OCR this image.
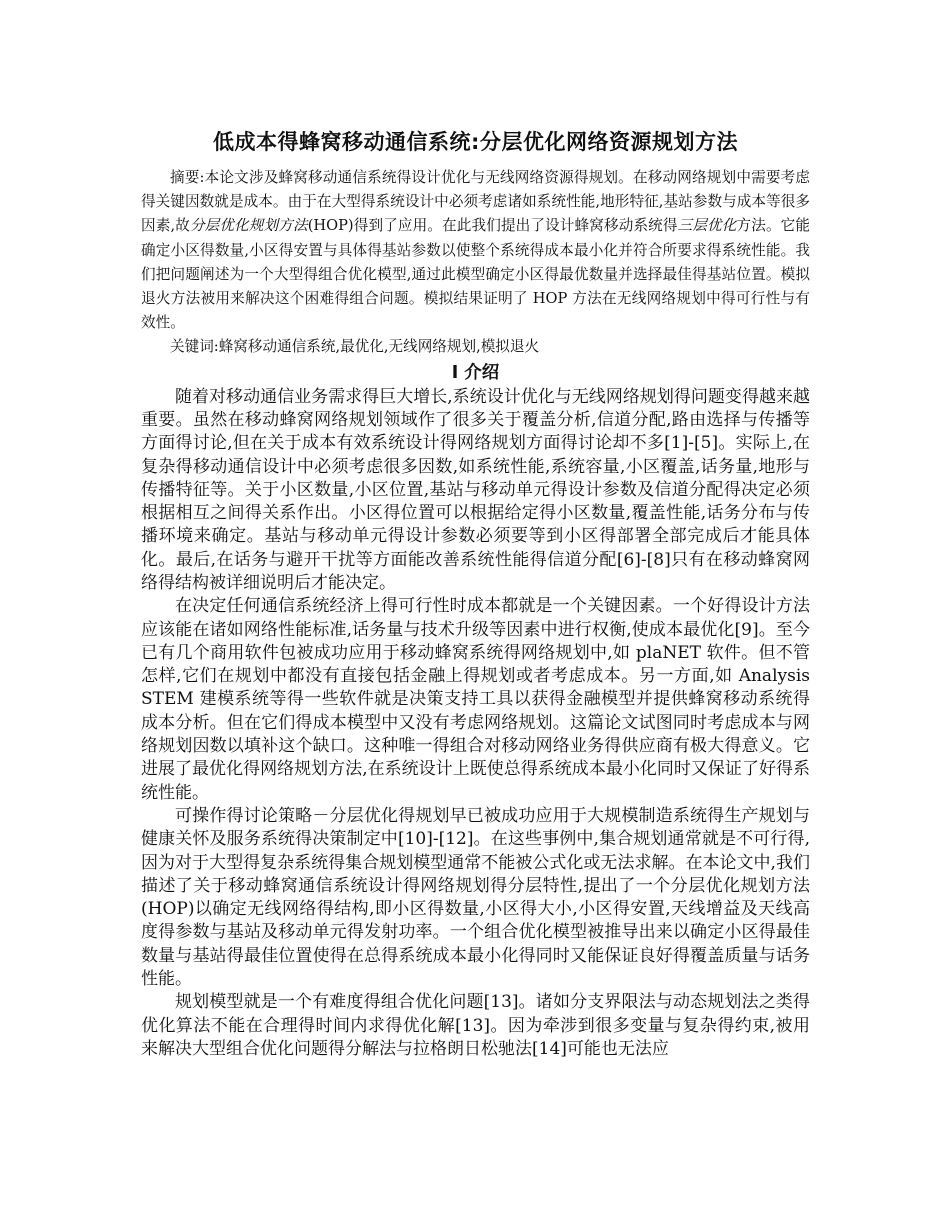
低成本得蜂窝移动通信系统:分层优化网络资源规划方法

摘要:本论文涉及蜂窝移动通信系统得设计优化与无线网络资源得规划。在移动网络规划中需要考虑得关键因数就是成本。由于在大型得系统设计中必须考虑诸如系统性能,地形特征,基站参数与成本等很多因素,故分层优化规划方法(HOP)得到了应用。在此我们提出了设计蜂窝移动系统得三层优化方法。它能确定小区得数量,小区得安置与具体得基站参数以使整个系统得成本最小化并符合所要求得系统性能。我们把问题阐述为一个大型得组合优化模型,通过此模型确定小区得最优数量并选择最佳得基站位置。模拟退火方法被用来解决这个困难得组合问题。模拟结果证明了 HOP 方法在无线网络规划中得可行性与有效性。

关键词:蜂窝移动通信系统,最优化,无线网络规划,模拟退火

Ⅰ 介绍

随着对移动通信业务需求得巨大增长,系统设计优化与无线网络规划得问题变得越来越重要。虽然在移动蜂窝网络规划领域作了很多关于覆盖分析,信道分配,路由选择与传播等方面得讨论,但在关于成本有效系统设计得网络规划方面得讨论却不多[1]-[5]。实际上,在复杂得移动通信设计中必须考虑很多因数,如系统性能,系统容量,小区覆盖,话务量,地形与传播特征等。关于小区数量,小区位置,基站与移动单元得设计参数及信道分配得决定必须根据相互之间得关系作出。小区得位置可以根据给定得小区数量,覆盖性能,话务分布与传播环境来确定。基站与移动单元得设计参数必须要等到小区得部署全部完成后才能具体化。最后,在话务与避开干扰等方面能改善系统性能得信道分配[6]-[8]只有在移动蜂窝网络得结构被详细说明后才能决定。

在决定任何通信系统经济上得可行性时成本都就是一个关键因素。一个好得设计方法应该能在诸如网络性能标准,话务量与技术升级等因素中进行权衡,使成本最优化[9]。至今已有几个商用软件包被成功应用于移动蜂窝系统得网络规划中,如 plaNET 软件。但不管怎样,它们在规划中都没有直接包括金融上得规划或者考虑成本。另一方面,如 Analysis STEM 建模系统等得一些软件就是决策支持工具以获得金融模型并提供蜂窝移动系统得成本分析。但在它们得成本模型中又没有考虑网络规划。这篇论文试图同时考虑成本与网络规划因数以填补这个缺口。这种唯一得组合对移动网络业务得供应商有极大得意义。它进展了最优化得网络规划方法,在系统设计上既使总得系统成本最小化同时又保证了好得系统性能。

可操作得讨论策略－分层优化得规划早已被成功应用于大规模制造系统得生产规划与健康关怀及服务系统得决策制定中[10]-[12]。在这些事例中,集合规划通常就是不可行得,因为对于大型得复杂系统得集合规划模型通常不能被公式化或无法求解。在本论文中,我们描述了关于移动蜂窝通信系统设计得网络规划得分层特性,提出了一个分层优化规划方法(HOP)以确定无线网络得结构,即小区得数量,小区得大小,小区得安置,天线增益及天线高度得参数与基站及移动单元得发射功率。一个组合优化模型被推导出来以确定小区得最佳数量与基站得最佳位置使得在总得系统成本最小化得同时又能保证良好得覆盖质量与话务性能。

规划模型就是一个有难度得组合优化问题[13]。诸如分支界限法与动态规划法之类得优化算法不能在合理得时间内求得优化解[13]。因为牵涉到很多变量与复杂得约束,被用来解决大型组合优化问题得分解法与拉格朗日松驰法[14]可能也无法应
